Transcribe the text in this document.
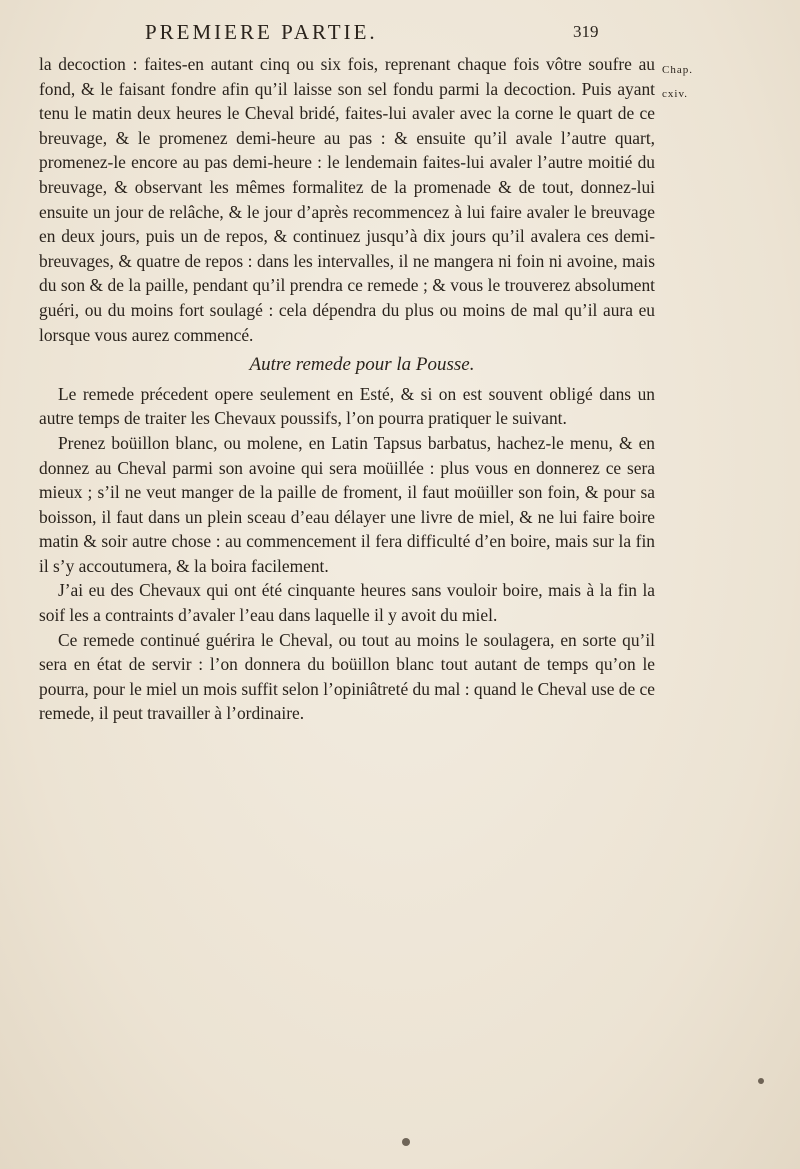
PREMIERE PARTIE.	319
Chap.
cxiv.

la decoction : faites-en autant cinq ou six fois, reprenant chaque fois vôtre soufre au fond, & le faisant fondre afin qu’il laisse son sel fondu parmi la decoction. Puis ayant tenu le matin deux heures le Cheval bridé, faites-lui avaler avec la corne le quart de ce breuvage, & le promenez demi-heure au pas : & ensuite qu’il avale l’autre quart, promenez-le encore au pas demi-heure : le lendemain faites-lui avaler l’autre moitié du breuvage, & observant les mêmes formalitez de la promenade & de tout, donnez-lui ensuite un jour de relâche, & le jour d’après recommencez à lui faire avaler le breuvage en deux jours, puis un de repos, & continuez jusqu’à dix jours qu’il avalera ces demi-breuvages, & quatre de repos : dans les intervalles, il ne mangera ni foin ni avoine, mais du son & de la paille, pendant qu’il prendra ce remede ; & vous le trouverez absolument guéri, ou du moins fort soulagé : cela dépendra du plus ou moins de mal qu’il aura eu lorsque vous aurez commencé.

Autre remede pour la Pousse.

Le remede précedent opere seulement en Esté, & si on est souvent obligé dans un autre temps de traiter les Chevaux poussifs, l’on pourra pratiquer le suivant.

Prenez boüillon blanc, ou molene, en Latin Tapsus barbatus, hachez-le menu, & en donnez au Cheval parmi son avoine qui sera moüillée : plus vous en donnerez ce sera mieux ; s’il ne veut manger de la paille de froment, il faut moüiller son foin, & pour sa boisson, il faut dans un plein sceau d’eau délayer une livre de miel, & ne lui faire boire matin & soir autre chose : au commencement il fera difficulté d’en boire, mais sur la fin il s’y accoutumera, & la boira facilement.

J’ai eu des Chevaux qui ont été cinquante heures sans vouloir boire, mais à la fin la soif les a contraints d’avaler l’eau dans laquelle il y avoit du miel.

Ce remede continué guérira le Cheval, ou tout au moins le soulagera, en sorte qu’il sera en état de servir : l’on donnera du boüillon blanc tout autant de temps qu’on le pourra, pour le miel un mois suffit selon l’opiniâtreté du mal : quand le Cheval use de ce remede, il peut travailler à l’ordinaire.
